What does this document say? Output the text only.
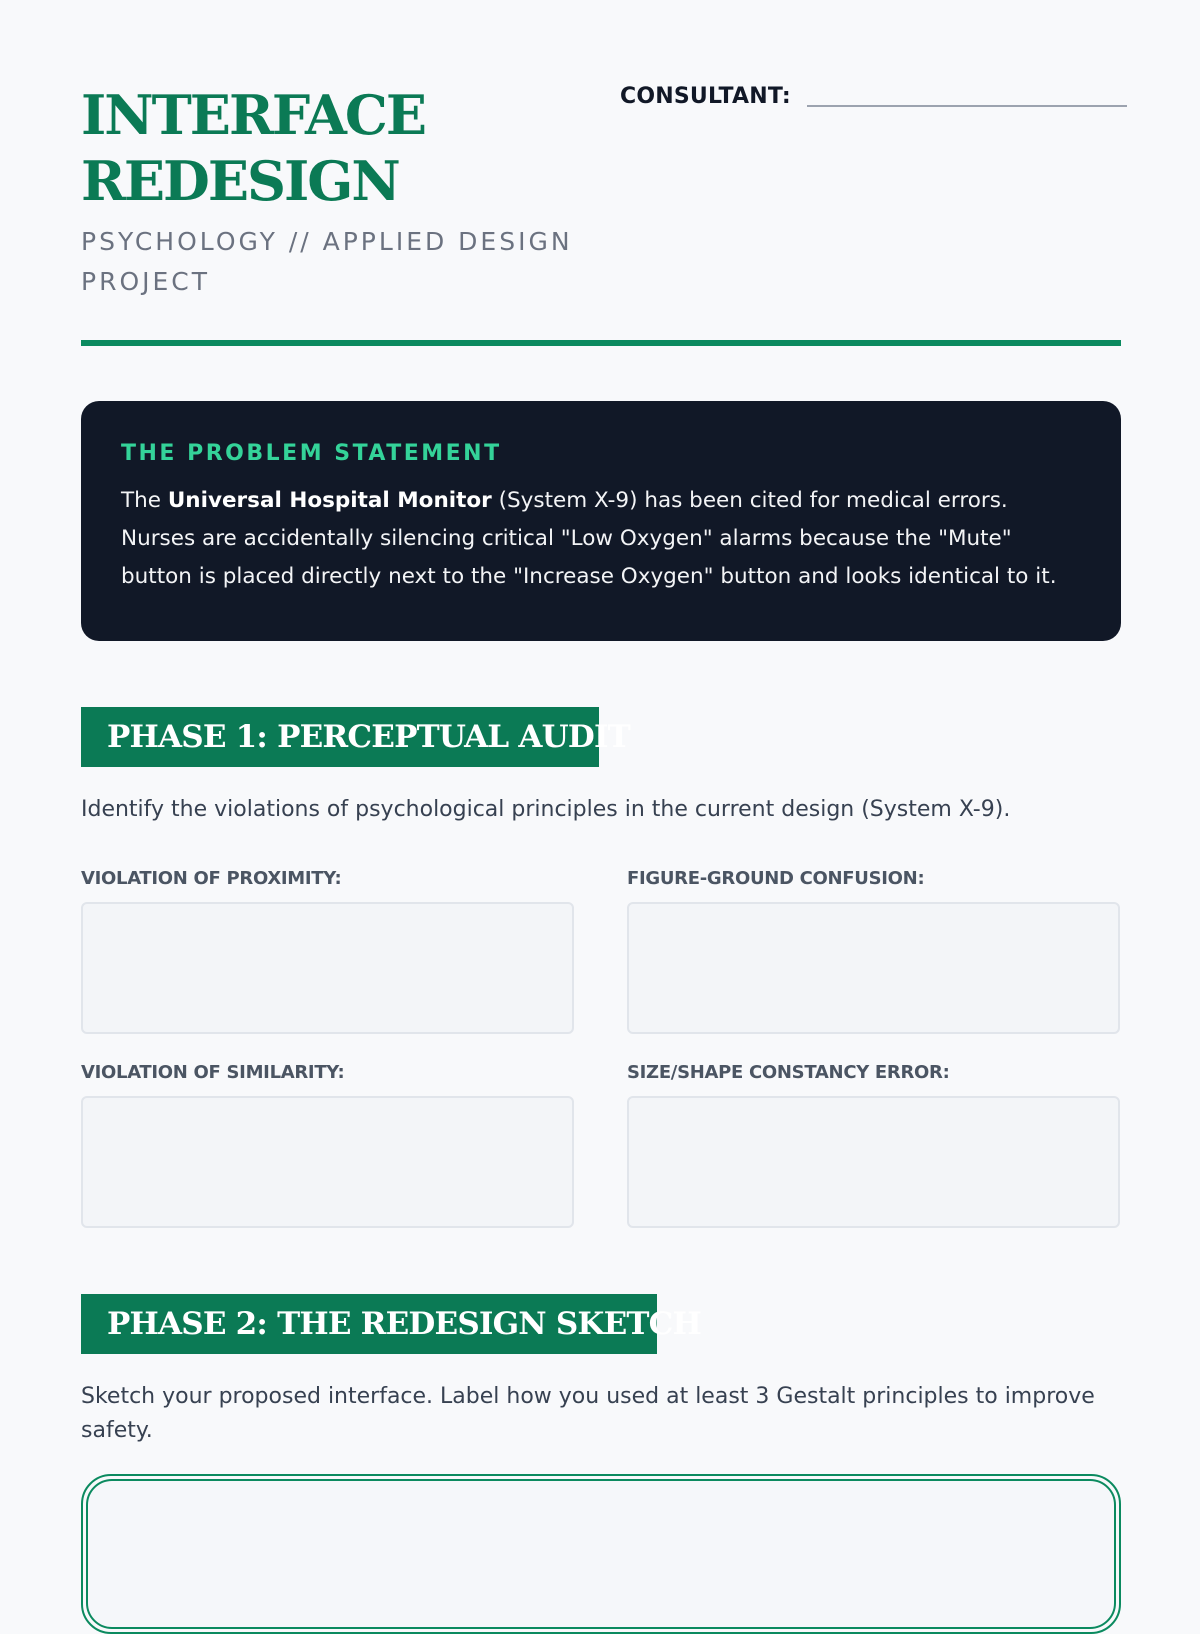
INTERFACE
REDESIGN
PSYCHOLOGY // APPLIED DESIGN
PROJECT
CONSULTANT:
THE PROBLEM STATEMENT

The Universal Hospital Monitor (System X-9) has been cited for medical errors. Nurses are accidentally silencing critical "Low Oxygen" alarms because the "Mute" button is placed directly next to the "Increase Oxygen" button and looks identical to it.

PHASE 1: PERCEPTUAL AUDIT
Identify the violations of psychological principles in the current design (System X-9).
VIOLATION OF PROXIMITY:	FIGURE-GROUND CONFUSION:
VIOLATION OF SIMILARITY:	SIZE/SHAPE CONSTANCY ERROR:
PHASE 2: THE REDESIGN SKETCH
Sketch your proposed interface. Label how you used at least 3 Gestalt principles to improve safety.
